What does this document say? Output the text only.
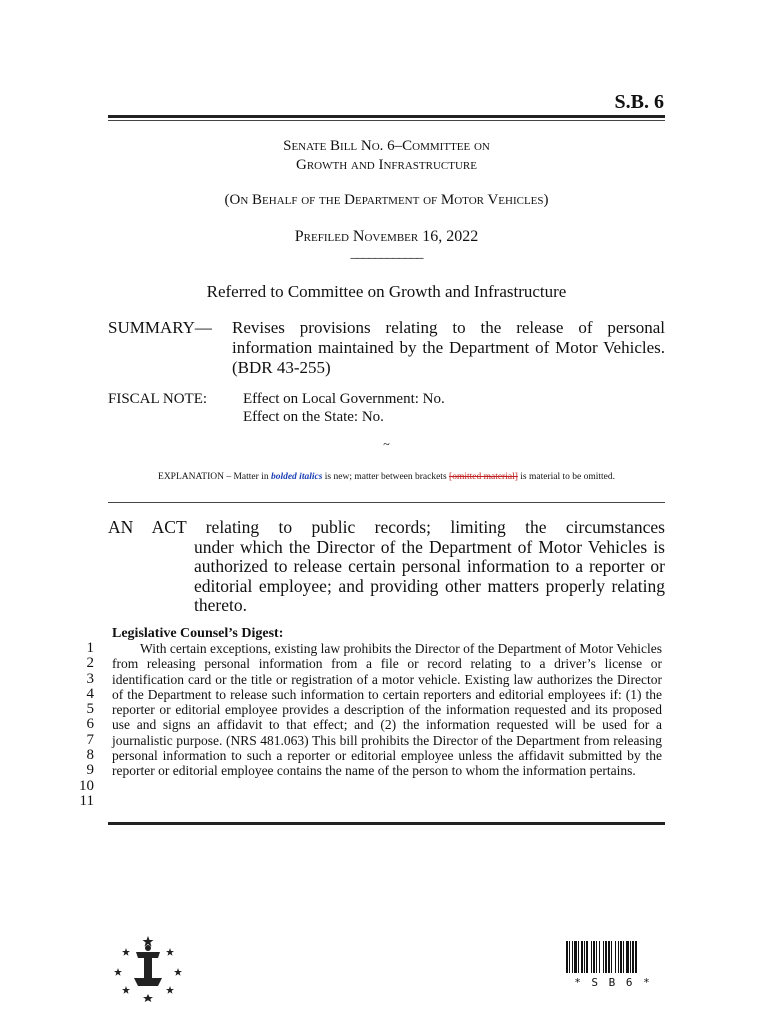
S.B. 6
Senate Bill No. 6–Committee on
Growth and Infrastructure
(On Behalf of the Department of Motor Vehicles)
Prefiled November 16, 2022
____________
Referred to Committee on Growth and Infrastructure
SUMMARY— Revises provisions relating to the release of personal information maintained by the Department of Motor Vehicles. (BDR 43-255)
FISCAL NOTE: Effect on Local Government: No.
Effect on the State: No.
~
EXPLANATION – Matter in bolded italics is new; matter between brackets [omitted material] is material to be omitted.
AN ACT relating to public records; limiting the circumstances
under which the Director of the Department of Motor Vehicles is authorized to release certain personal information to a reporter or editorial employee; and providing other matters properly relating thereto.
Legislative Counsel’s Digest:
1
2
3
4
5
6
7
8
9
10
11

With certain exceptions, existing law prohibits the Director of the Department of Motor Vehicles from releasing personal information from a file or record relating to a driver’s license or identification card or the title or registration of a motor vehicle. Existing law authorizes the Director of the Department to release such information to certain reporters and editorial employees if: (1) the reporter or editorial employee provides a description of the information requested and its proposed use and signs an affidavit to that effect; and (2) the information requested will be used for a journalistic purpose. (NRS 481.063) This bill prohibits the Director of the Department from releasing personal information to such a reporter or editorial employee unless the affidavit submitted by the reporter or editorial employee contains the name of the person to whom the information pertains.

* S B 6 *
